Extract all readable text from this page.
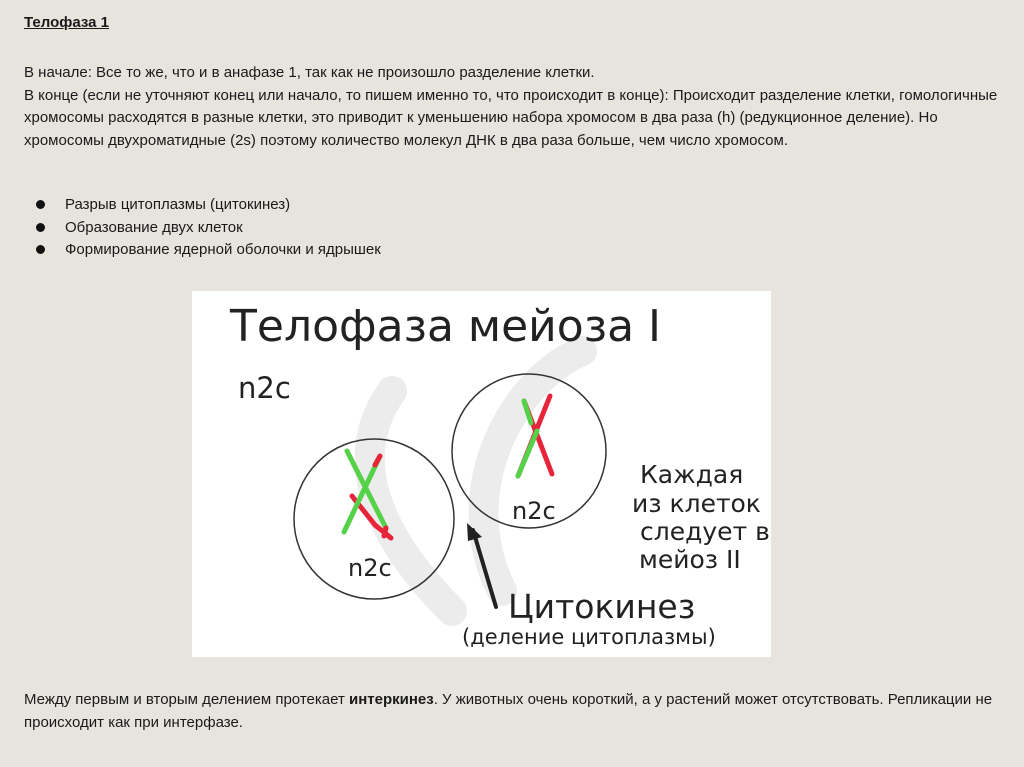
Телофаза 1

В начале: Все то же, что и в анафазе 1, так как не произошло разделение клетки.

В конце (если не уточняют конец или начало, то пишем именно то, что происходит в конце): Происходит разделение клетки, гомологичные хромосомы расходятся в разные клетки, это приводит к уменьшению набора хромосом в два раза (h) (редукционное деление). Но хромосомы двухроматидные (2s) поэтому количество молекул ДНК в два раза больше, чем число хромосом.

Разрыв цитоплазмы (цитокинез)
Образование двух клеток
Формирование ядерной оболочки и ядрышек
Телофаза мейоза I
n2c
n2c
n2c
Каждая
из клеток
следует в
мейоз II
Цитокинез
(деление цитоплазмы)

Между первым и вторым делением протекает интеркинез. У животных очень короткий, а у растений может отсутствовать. Репликации не происходит как при интерфазе.
